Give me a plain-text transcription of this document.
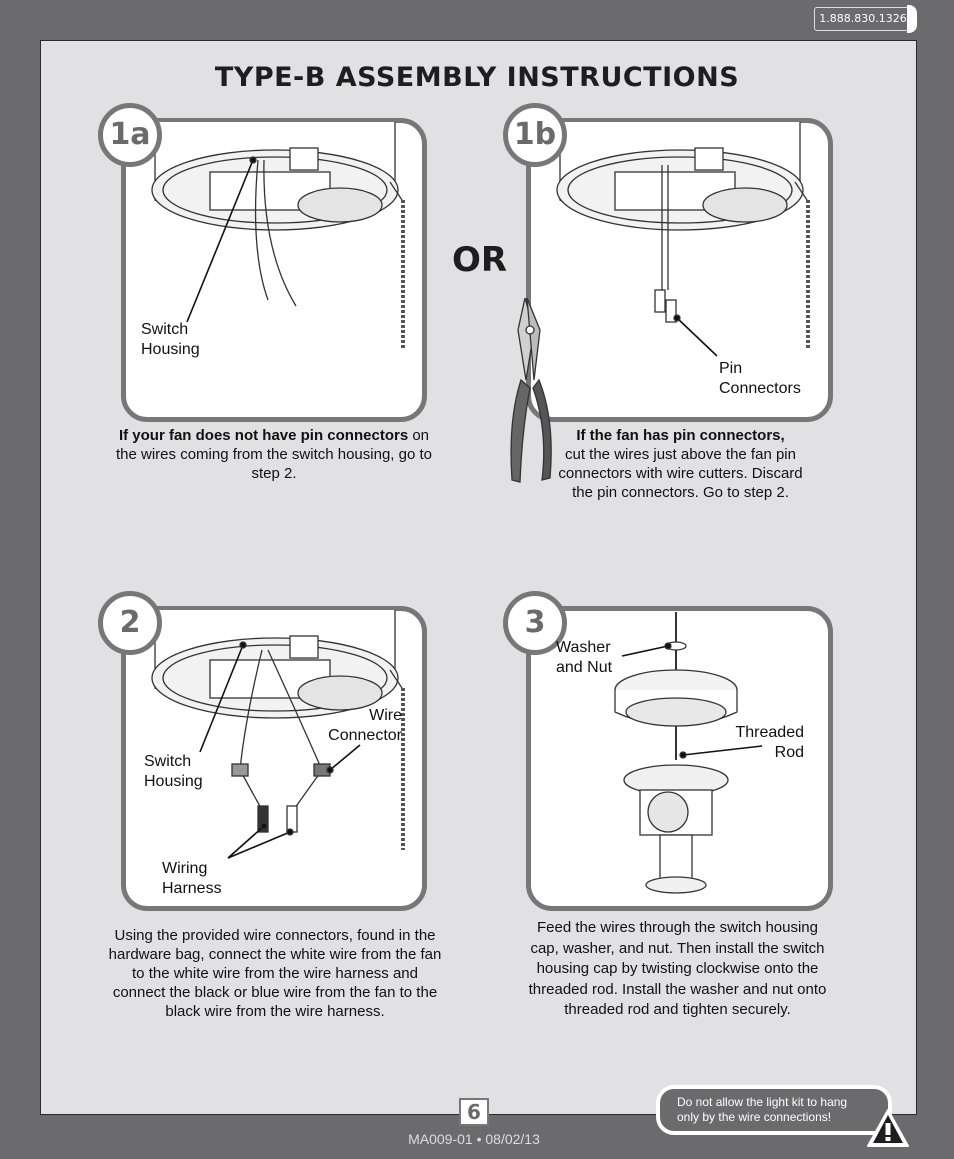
1.888.830.1326
TYPE-B ASSEMBLY INSTRUCTIONS
1a	1b
2	3
OR
Switch
Housing
Pin
Connectors
Switch
Housing
Wire
Connector
Wiring
Harness
Washer
and Nut
Threaded
Rod
If your fan does not have pin connectors on the wires coming from the switch housing, go to step 2.
If the fan has pin connectors,
cut the wires just above the fan pin connectors with wire cutters. Discard the pin connectors. Go to step 2.
Using the provided wire connectors, found in the hardware bag, connect the white wire from the fan to the white wire from the wire harness and connect the black or blue wire from the fan to the black wire from the wire harness.
Feed the wires through the switch housing cap, washer, and nut. Then install the switch housing cap by twisting clockwise onto the threaded rod. Install the washer and nut onto threaded rod and tighten securely.
6
MA009-01 • 08/02/13
Do not allow the light kit to hang
only by the wire connections!
